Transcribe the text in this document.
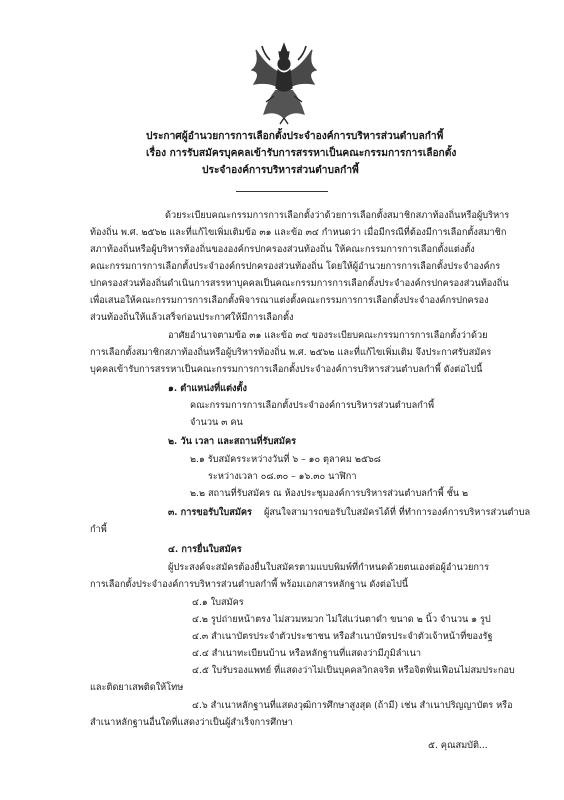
ประกาศผู้อำนวยการการเลือกตั้งประจำองค์การบริหารส่วนตำบลกำพี้
เรื่อง การรับสมัครบุคคลเข้ารับการสรรหาเป็นคณะกรรมการการเลือกตั้ง
ประจำองค์การบริหารส่วนตำบลกำพี้
ด้วยระเบียบคณะกรรมการการเลือกตั้งว่าด้วยการเลือกตั้งสมาชิกสภาท้องถิ่นหรือผู้บริหาร
ท้องถิ่น พ.ศ. ๒๕๖๒ และที่แก้ไขเพิ่มเติมข้อ ๓๑ และข้อ ๓๔ กำหนดว่า เมื่อมีกรณีที่ต้องมีการเลือกตั้งสมาชิก
สภาท้องถิ่นหรือผู้บริหารท้องถิ่นขององค์กรปกครองส่วนท้องถิ่น ให้คณะกรรมการการเลือกตั้งแต่งตั้ง
คณะกรรมการการเลือกตั้งประจำองค์กรปกครองส่วนท้องถิ่น โดยให้ผู้อำนวยการการเลือกตั้งประจำองค์กร
ปกครองส่วนท้องถิ่นดำเนินการสรรหาบุคคลเป็นคณะกรรมการการเลือกตั้งประจำองค์กรปกครองส่วนท้องถิ่น
เพื่อเสนอให้คณะกรรมการการเลือกตั้งพิจารณาแต่งตั้งคณะกรรมการการเลือกตั้งประจำองค์กรปกครอง
ส่วนท้องถิ่นให้แล้วเสร็จก่อนประกาศให้มีการเลือกตั้ง
อาศัยอำนาจตามข้อ ๓๑ และข้อ ๓๔ ของระเบียบคณะกรรมการการเลือกตั้งว่าด้วย
การเลือกตั้งสมาชิกสภาท้องถิ่นหรือผู้บริหารท้องถิ่น พ.ศ. ๒๕๖๒ และที่แก้ไขเพิ่มเติม จึงประกาศรับสมัคร
บุคคลเข้ารับการสรรหาเป็นคณะกรรมการการเลือกตั้งประจำองค์การบริหารส่วนตำบลกำพี้ ดังต่อไปนี้
๑. ตำแหน่งที่แต่งตั้ง
คณะกรรมการการเลือกตั้งประจำองค์การบริหารส่วนตำบลกำพี้
จำนวน ๓ คน
๒. วัน เวลา และสถานที่รับสมัคร
๒.๑ รับสมัครระหว่างวันที่ ๖ – ๑๐ ตุลาคม ๒๕๖๘
ระหว่างเวลา ๐๘.๓๐ – ๑๖.๓๐ นาฬิกา
๒.๒ สถานที่รับสมัคร ณ ห้องประชุมองค์การบริหารส่วนตำบลกำพี้ ชั้น ๒
๓. การขอรับใบสมัคร ผู้สนใจสามารถขอรับใบสมัครได้ที่ ที่ทำการองค์การบริหารส่วนตำบล
กำพี้
๔. การยื่นใบสมัคร
ผู้ประสงค์จะสมัครต้องยื่นใบสมัครตามแบบพิมพ์ที่กำหนดด้วยตนเองต่อผู้อำนวยการ
การเลือกตั้งประจำองค์การบริหารส่วนตำบลกำพี้ พร้อมเอกสารหลักฐาน ดังต่อไปนี้
๔.๑ ใบสมัคร
๔.๒ รูปถ่ายหน้าตรง ไม่สวมหมวก ไม่ใส่แว่นตาดำ ขนาด ๒ นิ้ว จำนวน ๑ รูป
๔.๓ สำเนาบัตรประจำตัวประชาชน หรือสำเนาบัตรประจำตัวเจ้าหน้าที่ของรัฐ
๔.๔ สำเนาทะเบียนบ้าน หรือหลักฐานที่แสดงว่ามีภูมิลำเนา
๔.๕ ใบรับรองแพทย์ ที่แสดงว่าไม่เป็นบุคคลวิกลจริต หรือจิตฟั่นเฟือนไม่สมประกอบ
และติดยาเสพติดให้โทษ
๔.๖ สำเนาหลักฐานที่แสดงวุฒิการศึกษาสูงสุด (ถ้ามี) เช่น สำเนาปริญญาบัตร หรือ
สำเนาหลักฐานอื่นใดที่แสดงว่าเป็นผู้สำเร็จการศึกษา
๕. คุณสมบัติ...
